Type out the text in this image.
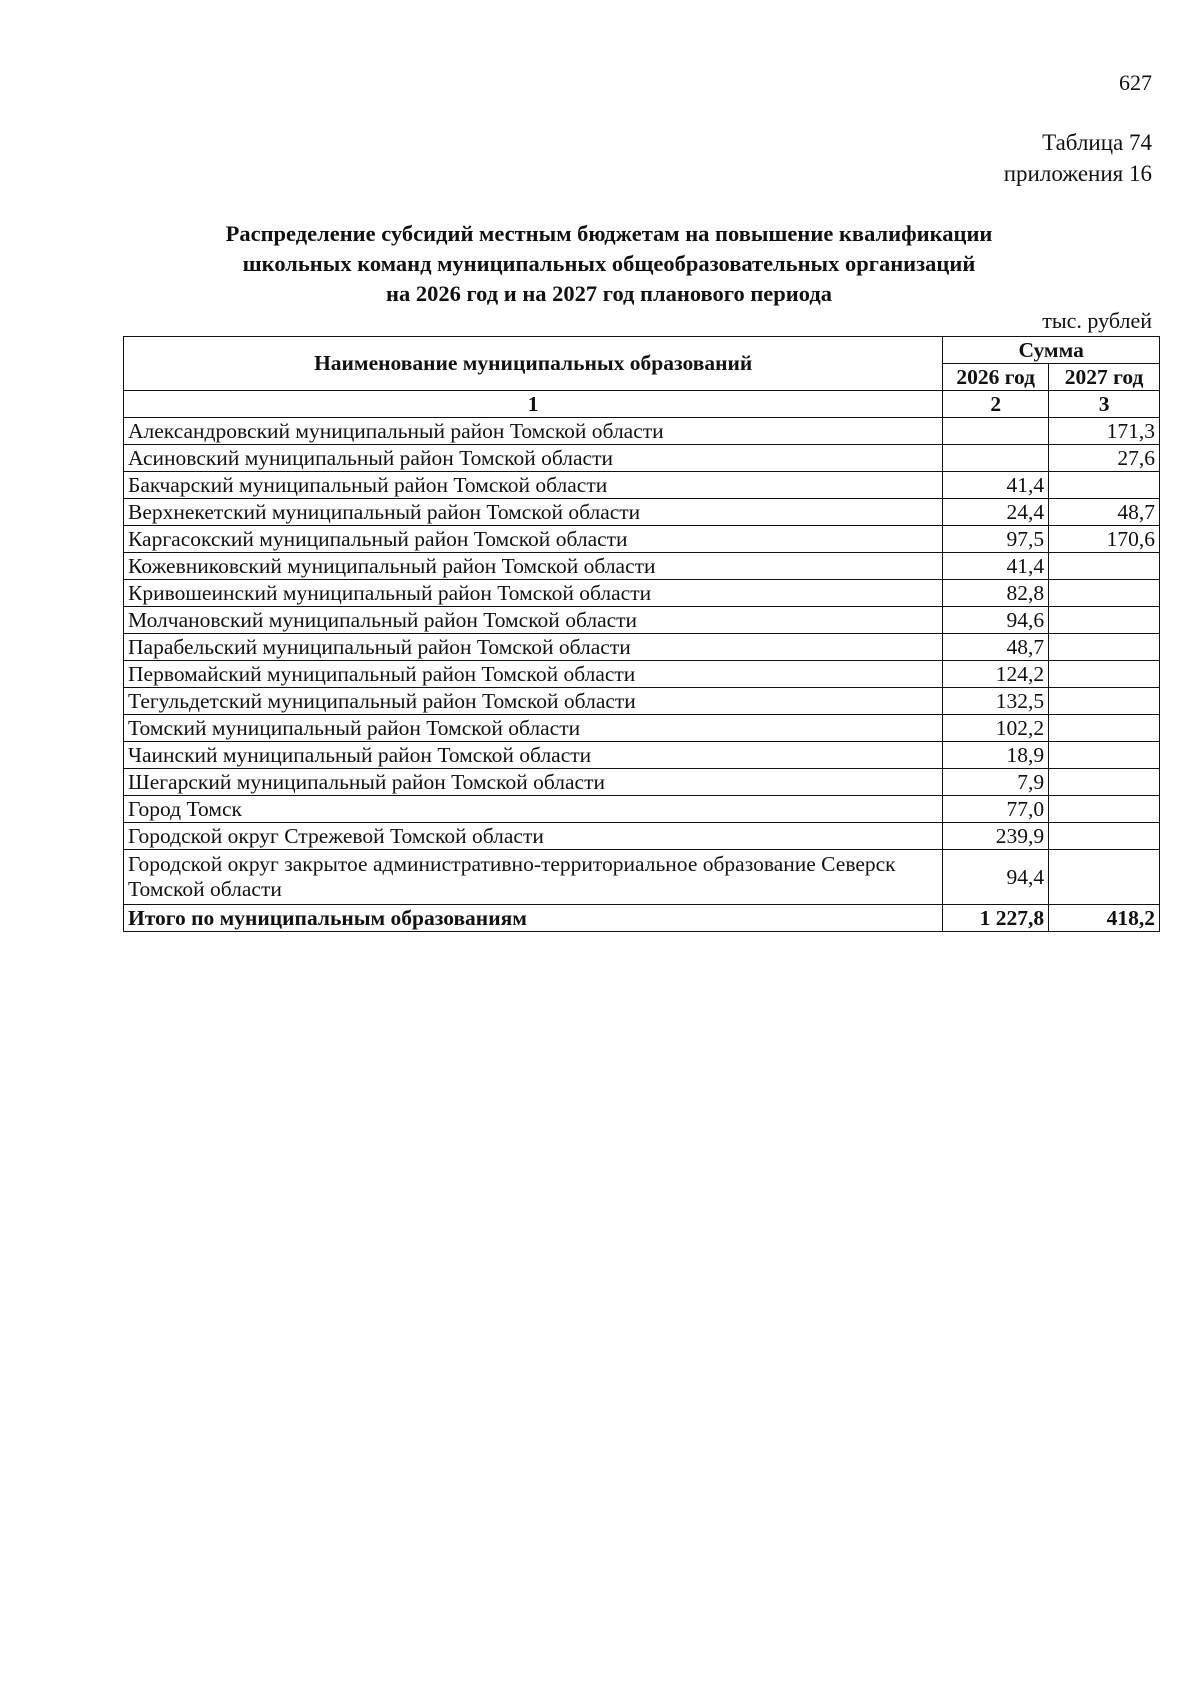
627
Таблица 74
приложения 16
Распределение субсидий местным бюджетам на повышение квалификации
школьных команд муниципальных общеобразовательных организаций
на 2026 год и на 2027 год планового периода
тыс. рублей
Наименование муниципальных образований	Сумма	
	2026 год	2027 год
1	2	3
Александровский муниципальный район Томской области		171,3
Асиновский муниципальный район Томской области		27,6
Бакчарский муниципальный район Томской области	41,4	
Верхнекетский муниципальный район Томской области	24,4	48,7
Каргасокский муниципальный район Томской области	97,5	170,6
Кожевниковский муниципальный район Томской области	41,4	
Кривошеинский муниципальный район Томской области	82,8	
Молчановский муниципальный район Томской области	94,6	
Парабельский муниципальный район Томской области	48,7	
Первомайский муниципальный район Томской области	124,2	
Тегульдетский муниципальный район Томской области	132,5	
Томский муниципальный район Томской области	102,2	
Чаинский муниципальный район Томской области	18,9	
Шегарский муниципальный район Томской области	7,9	
Город Томск	77,0	
Городской округ Стрежевой Томской области	239,9	
Городской округ закрытое административно-территориальное образование Северск Томской области	94,4	
Итого по муниципальным образованиям	1 227,8	418,2
